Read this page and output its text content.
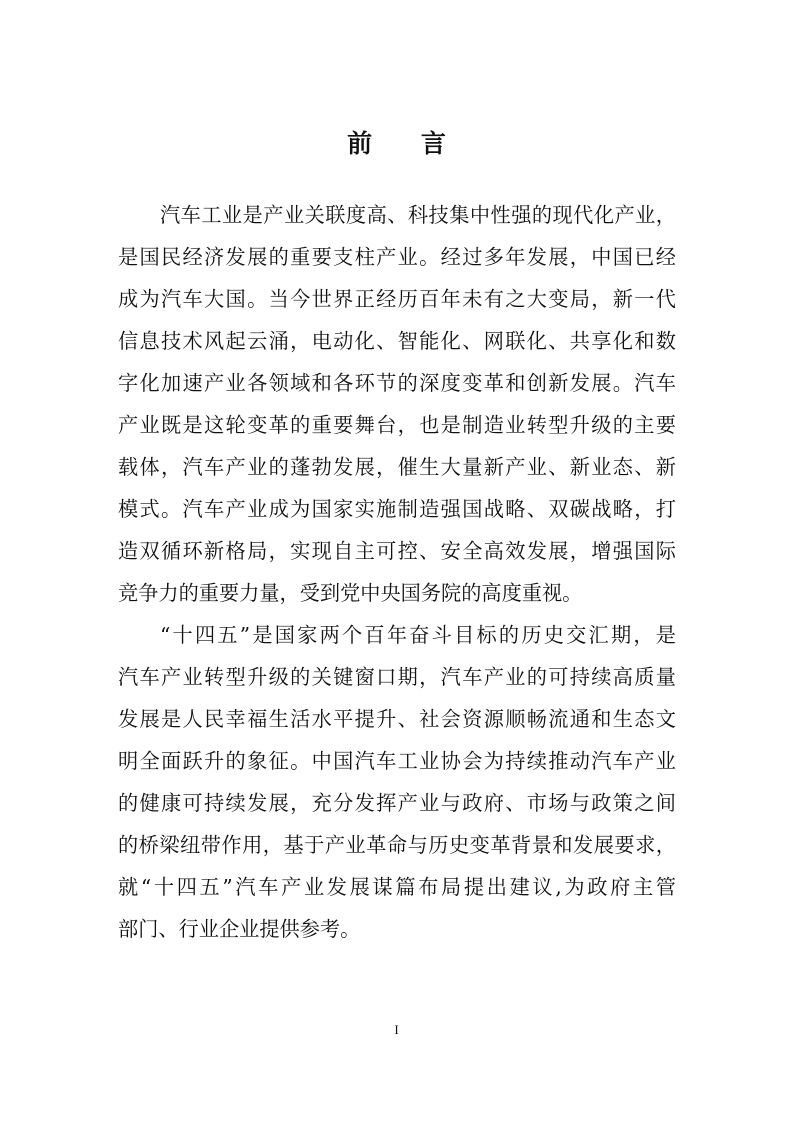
前 言
汽车工业是产业关联度高、科技集中性强的现代化产业，
是国民经济发展的重要支柱产业。经过多年发展，中国已经
成为汽车大国。当今世界正经历百年未有之大变局，新一代
信息技术风起云涌，电动化、智能化、网联化、共享化和数
字化加速产业各领域和各环节的深度变革和创新发展。汽车
产业既是这轮变革的重要舞台，也是制造业转型升级的主要
载体，汽车产业的蓬勃发展，催生大量新产业、新业态、新
模式。汽车产业成为国家实施制造强国战略、双碳战略，打
造双循环新格局，实现自主可控、安全高效发展，增强国际
竞争力的重要力量，受到党中央国务院的高度重视。
“十四五”是国家两个百年奋斗目标的历史交汇期，是
汽车产业转型升级的关键窗口期，汽车产业的可持续高质量
发展是人民幸福生活水平提升、社会资源顺畅流通和生态文
明全面跃升的象征。中国汽车工业协会为持续推动汽车产业
的健康可持续发展，充分发挥产业与政府、市场与政策之间
的桥梁纽带作用，基于产业革命与历史变革背景和发展要求，
就“十四五”汽车产业发展谋篇布局提出建议,为政府主管
部门、行业企业提供参考。
I
